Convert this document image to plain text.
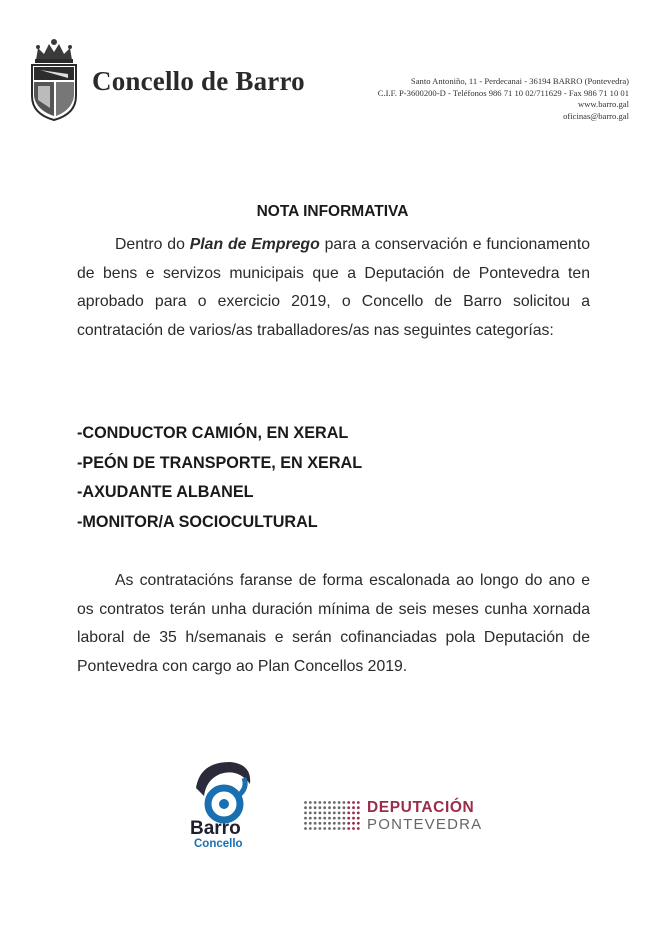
Concello de Barro	Santo Antoniño, 11 - Perdecanai - 36194 BARRO (Pontevedra)
C.I.F. P-3600200-D - Teléfonos 986 71 10 02/711629 - Fax 986 71 10 01
www.barro.gal
oficinas@barro.gal
NOTA INFORMATIVA

Dentro do Plan de Emprego para a conservación e funcionamento de bens e servizos municipais que a Deputación de Pontevedra ten aprobado para o exercicio 2019, o Concello de Barro solicitou a contratación de varios/as traballadores/as nas seguintes categorías:

-CONDUCTOR CAMIÓN, EN XERAL
-PEÓN DE TRANSPORTE, EN XERAL
-AXUDANTE ALBANEL
-MONITOR/A SOCIOCULTURAL

As contratacións faranse de forma escalonada ao longo do ano e os contratos terán unha duración mínima de seis meses cunha xornada laboral de 35 h/semanais e serán cofinanciadas pola Deputación de Pontevedra con cargo ao Plan Concellos 2019.

Barro
Concello
DEPUTACIÓN
PONTEVEDRA
